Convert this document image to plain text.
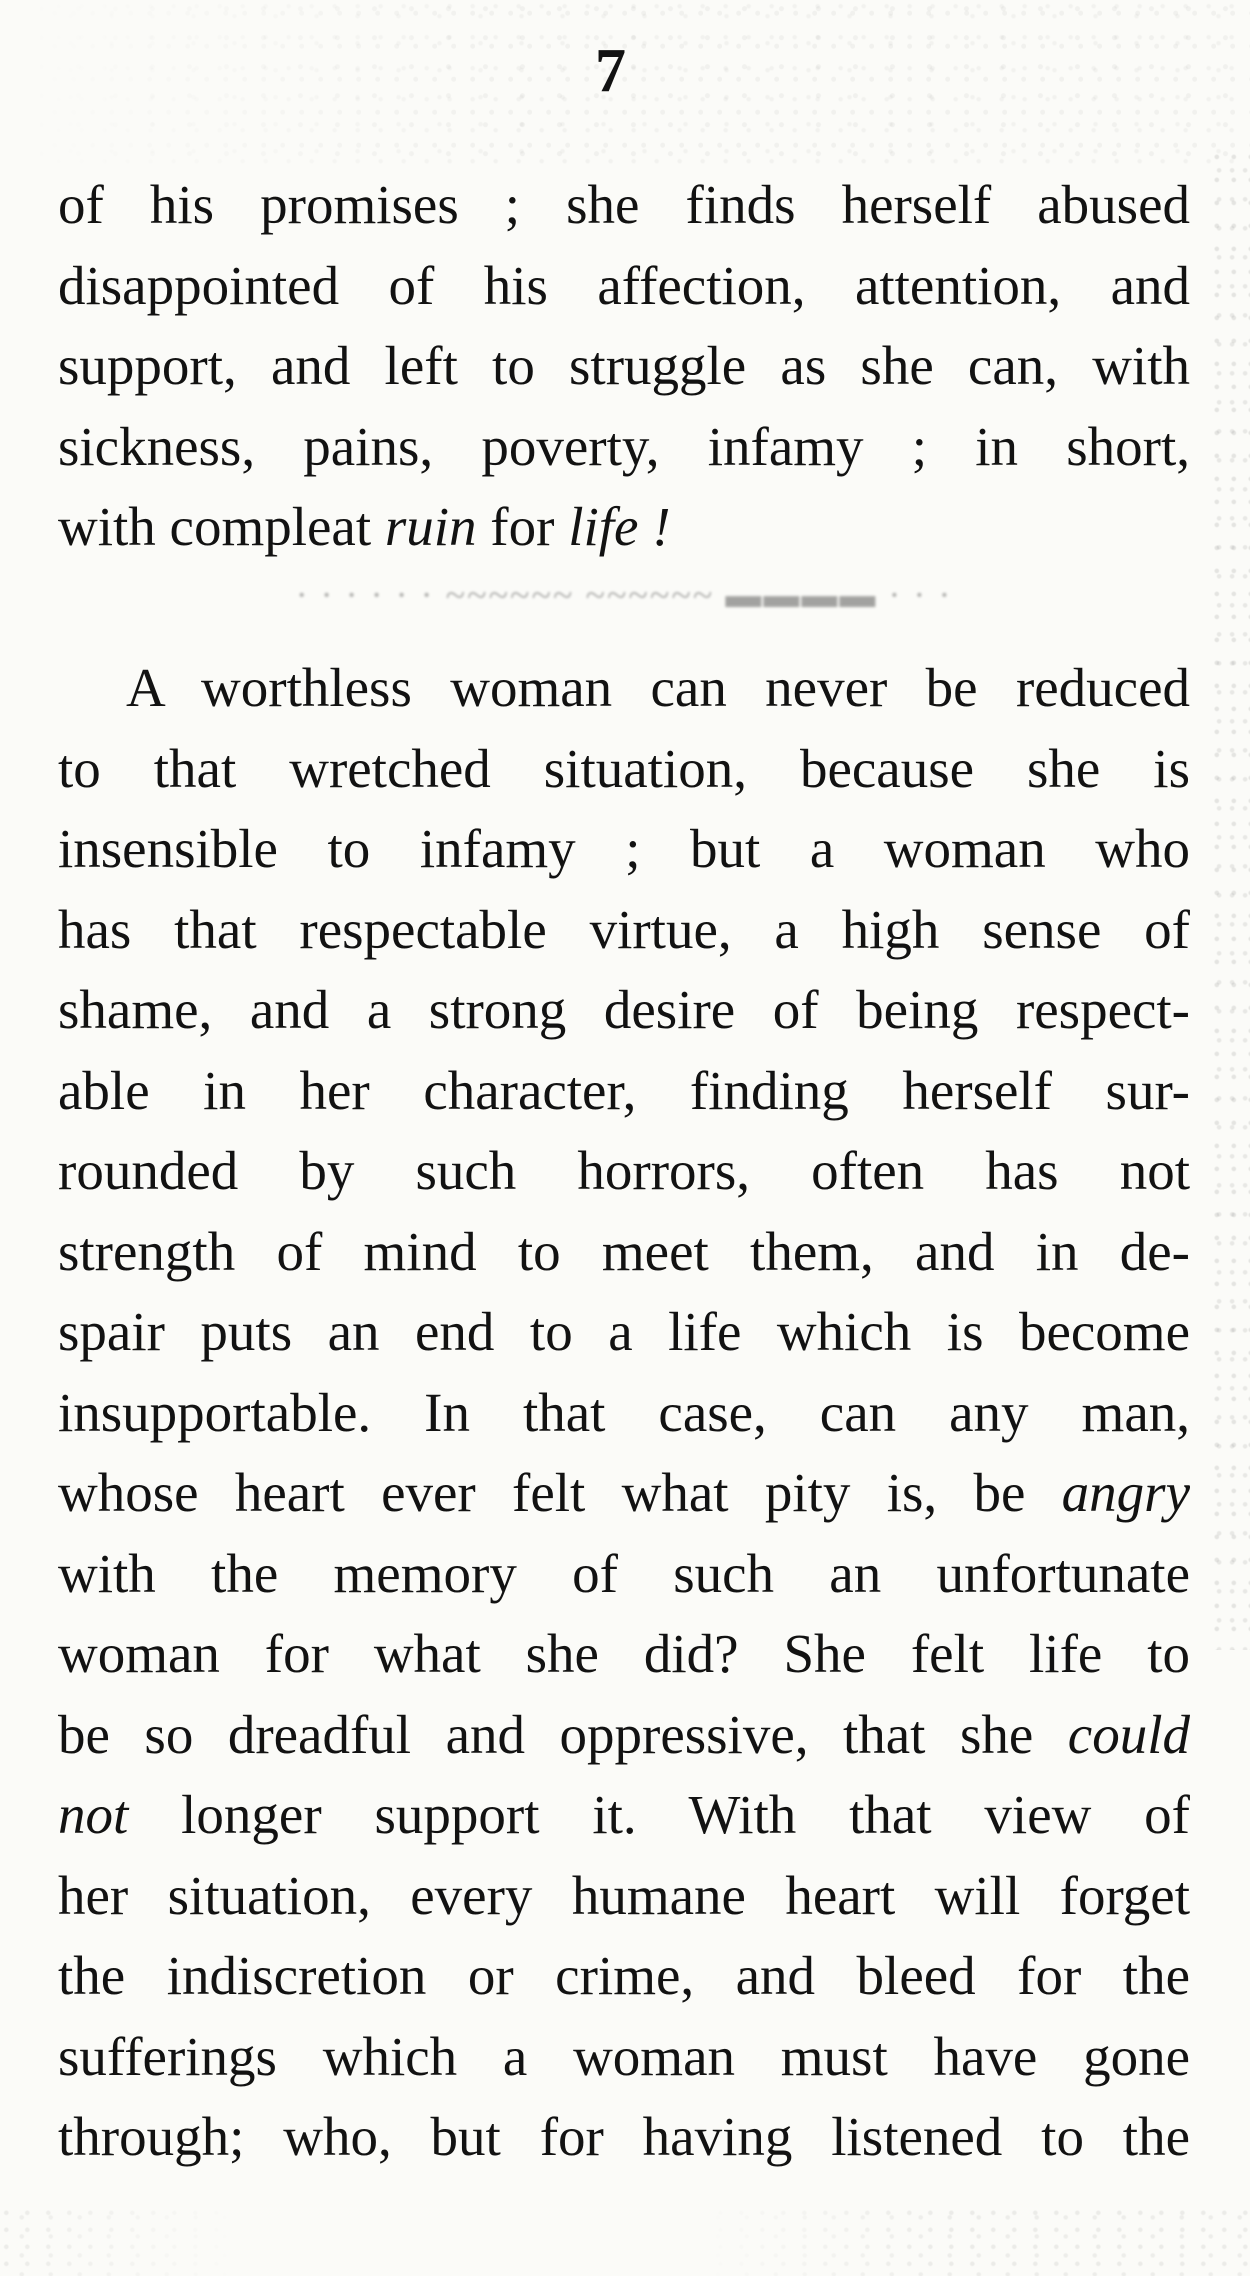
7
of his promises ; she finds herself abused
disappointed of his affection, attention, and
support, and left to struggle as she can, with
sickness, pains, poverty, infamy ; in short,
with compleat ruin for life !
· · · · · · ~~~~~~ ~~~~~~ ▬▬▬▬ · · ·
A worthless woman can never be reduced
to that wretched situation, because she is
insensible to infamy ; but a woman who
has that respectable virtue, a high sense of
shame, and a strong desire of being respect-
able in her character, finding herself sur-
rounded by such horrors, often has not
strength of mind to meet them, and in de-
spair puts an end to a life which is become
insupportable. In that case, can any man,
whose heart ever felt what pity is, be angry
with the memory of such an unfortunate
woman for what she did? She felt life to
be so dreadful and oppressive, that she could
not longer support it. With that view of
her situation, every humane heart will forget
the indiscretion or crime, and bleed for the
sufferings which a woman must have gone
through; who, but for having listened to the
